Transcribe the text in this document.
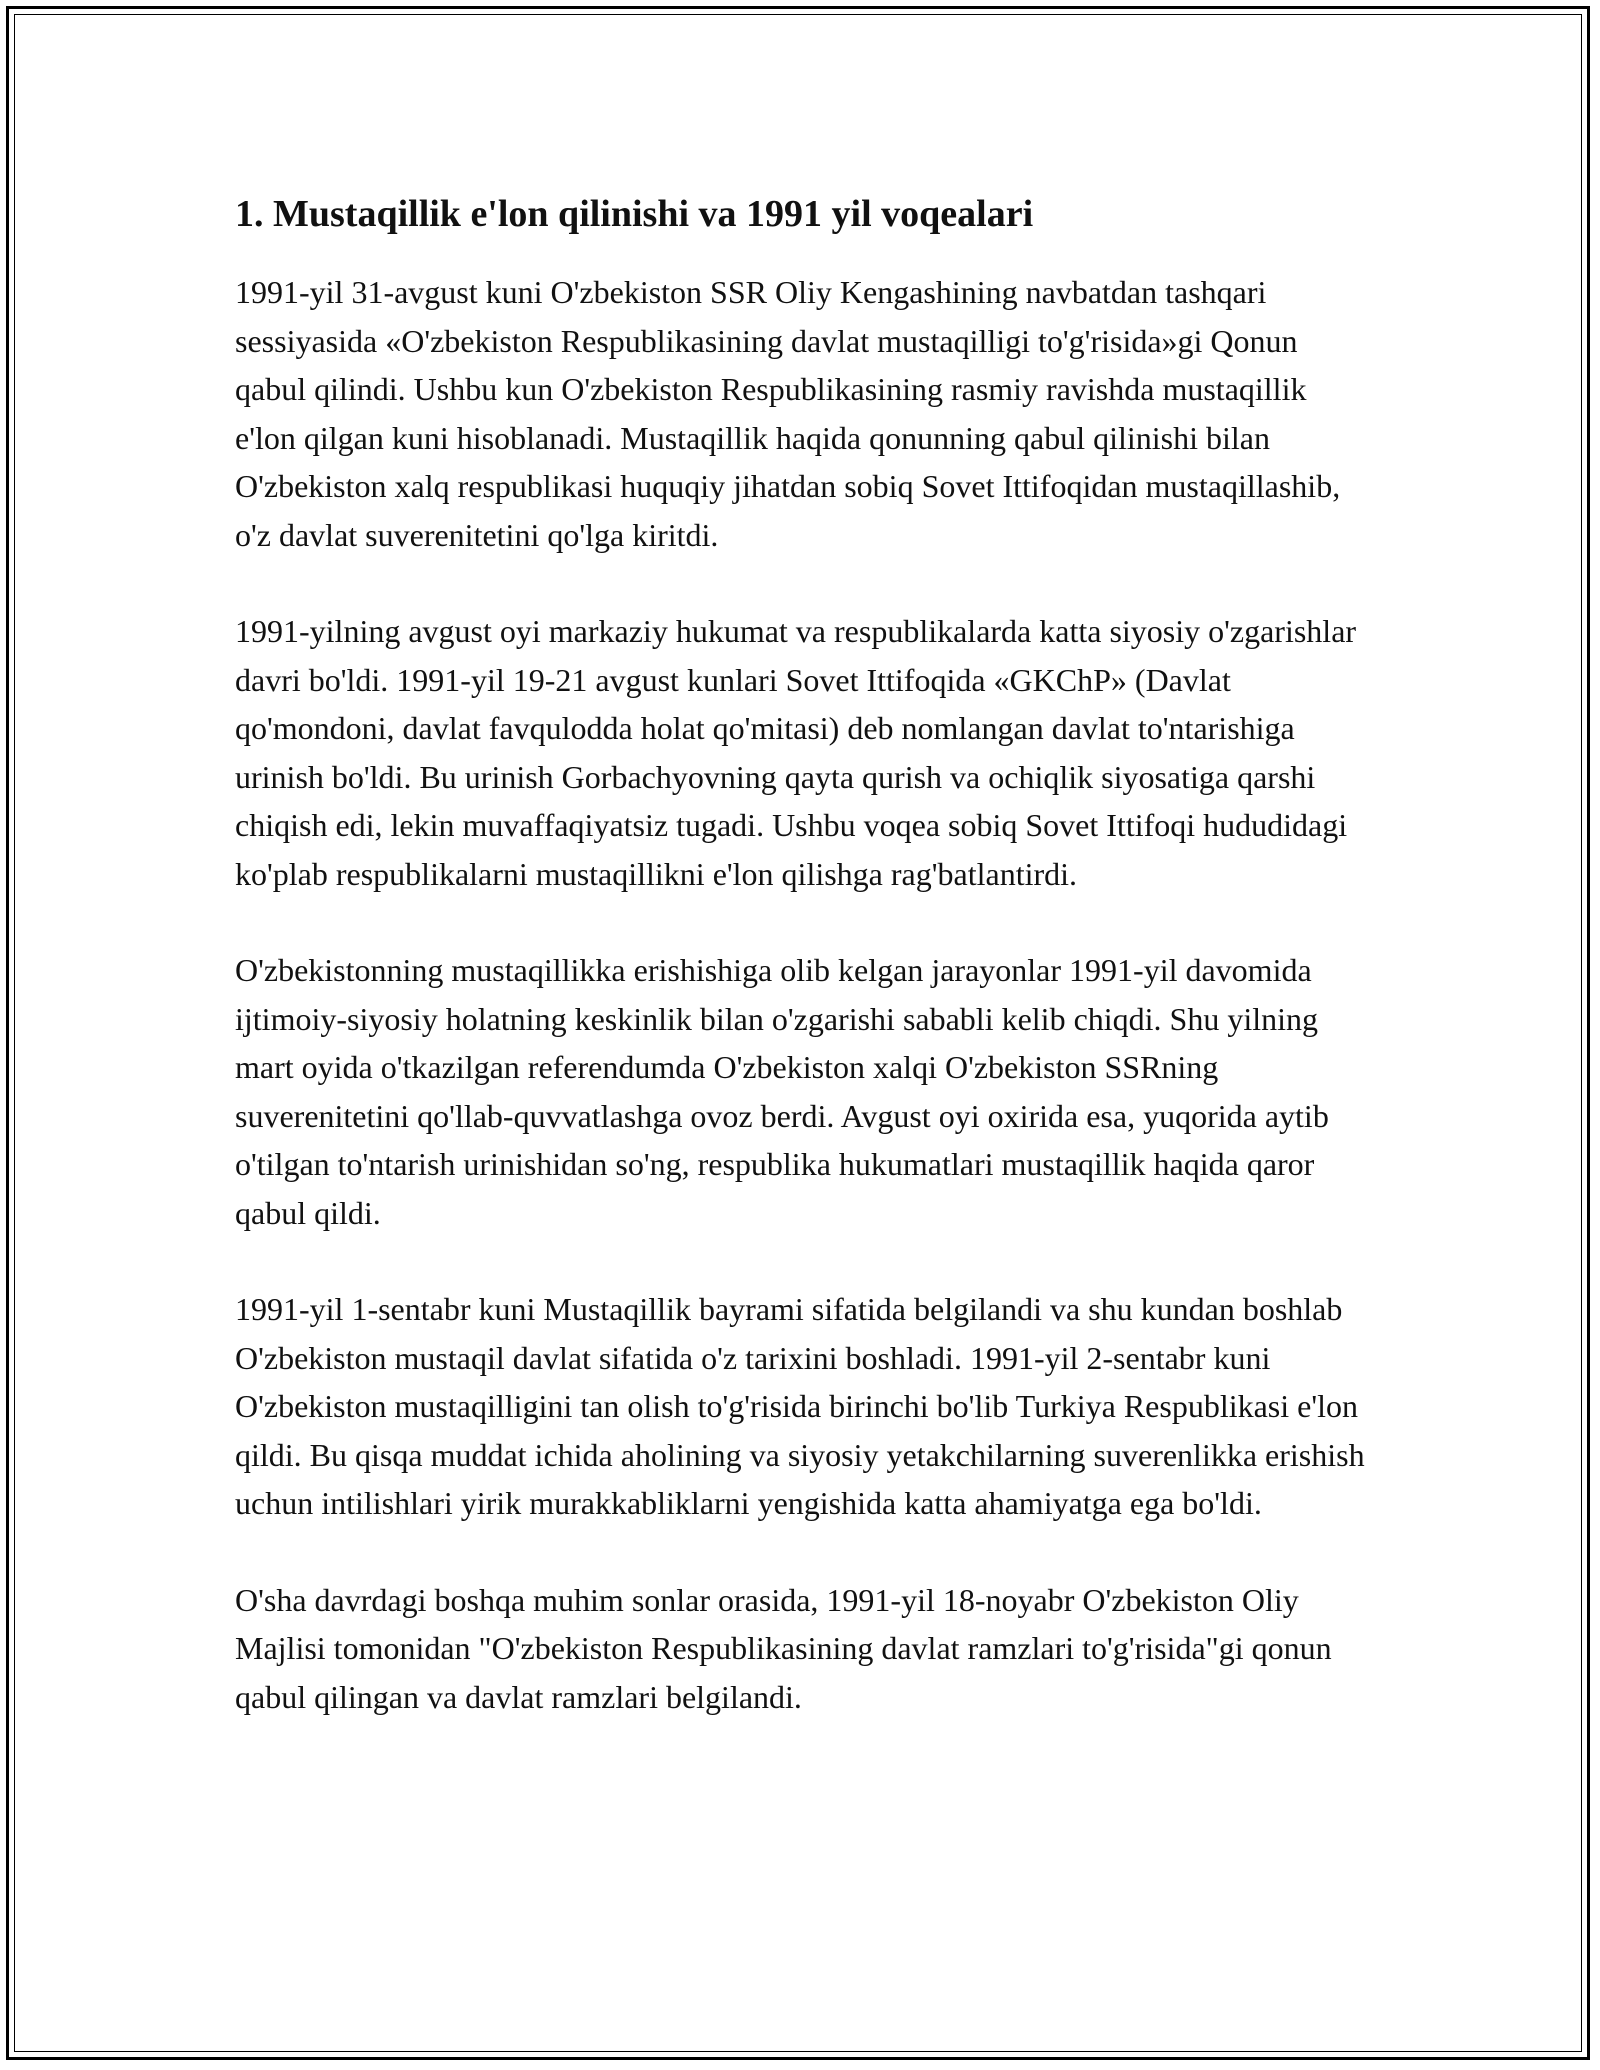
1. Mustaqillik e'lon qilinishi va 1991 yil voqealari

1991-yil 31-avgust kuni O'zbekiston SSR Oliy Kengashining navbatdan tashqari sessiyasida «O'zbekiston Respublikasining davlat mustaqilligi to'g'risida»gi Qonun qabul qilindi. Ushbu kun O'zbekiston Respublikasining rasmiy ravishda mustaqillik e'lon qilgan kuni hisoblanadi. Mustaqillik haqida qonunning qabul qilinishi bilan O'zbekiston xalq respublikasi huquqiy jihatdan sobiq Sovet Ittifoqidan mustaqillashib, o'z davlat suverenitetini qo'lga kiritdi.

1991-yilning avgust oyi markaziy hukumat va respublikalarda katta siyosiy o'zgarishlar davri bo'ldi. 1991-yil 19-21 avgust kunlari Sovet Ittifoqida «GKChP» (Davlat qo'mondoni, davlat favqulodda holat qo'mitasi) deb nomlangan davlat to'ntarishiga urinish bo'ldi. Bu urinish Gorbachyovning qayta qurish va ochiqlik siyosatiga qarshi chiqish edi, lekin muvaffaqiyatsiz tugadi. Ushbu voqea sobiq Sovet Ittifoqi hududidagi ko'plab respublikalarni mustaqillikni e'lon qilishga rag'batlantirdi.

O'zbekistonning mustaqillikka erishishiga olib kelgan jarayonlar 1991-yil davomida ijtimoiy-siyosiy holatning keskinlik bilan o'zgarishi sababli kelib chiqdi. Shu yilning mart oyida o'tkazilgan referendumda O'zbekiston xalqi O'zbekiston SSRning suverenitetini qo'llab-quvvatlashga ovoz berdi. Avgust oyi oxirida esa, yuqorida aytib o'tilgan to'ntarish urinishidan so'ng, respublika hukumatlari mustaqillik haqida qaror qabul qildi.

1991-yil 1-sentabr kuni Mustaqillik bayrami sifatida belgilandi va shu kundan boshlab O'zbekiston mustaqil davlat sifatida o'z tarixini boshladi. 1991-yil 2-sentabr kuni O'zbekiston mustaqilligini tan olish to'g'risida birinchi bo'lib Turkiya Respublikasi e'lon qildi. Bu qisqa muddat ichida aholining va siyosiy yetakchilarning suverenlikka erishish uchun intilishlari yirik murakkabliklarni yengishida katta ahamiyatga ega bo'ldi.

O'sha davrdagi boshqa muhim sonlar orasida, 1991-yil 18-noyabr O'zbekiston Oliy Majlisi tomonidan "O'zbekiston Respublikasining davlat ramzlari to'g'risida"gi qonun qabul qilingan va davlat ramzlari belgilandi.
